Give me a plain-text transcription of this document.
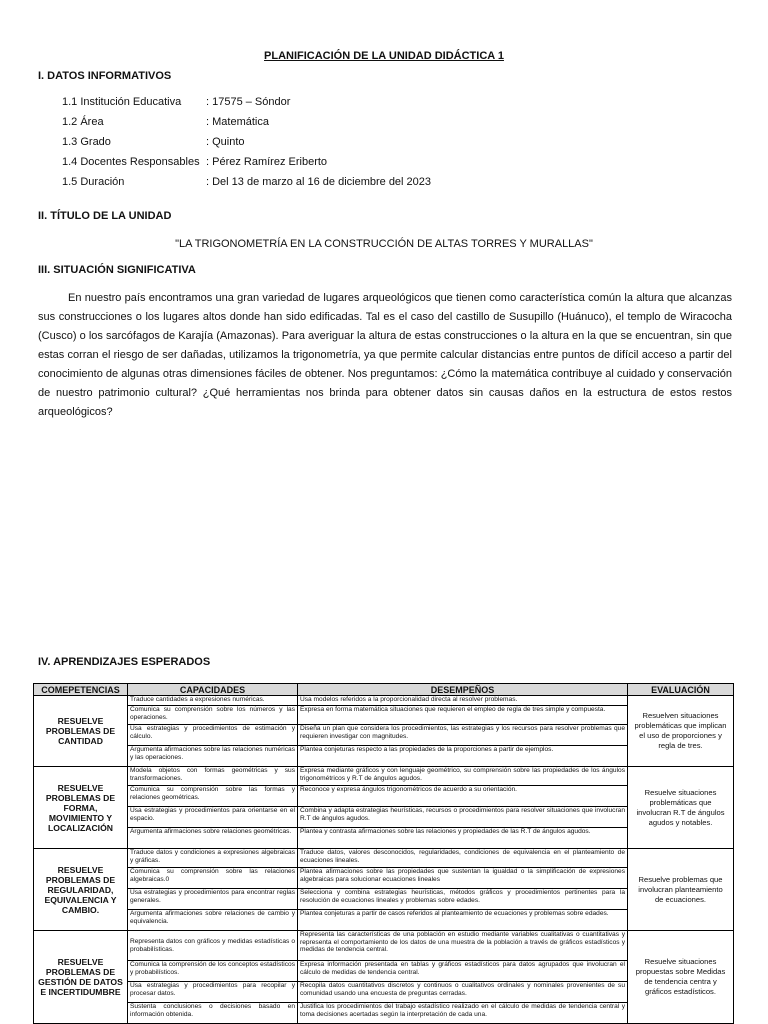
PLANIFICACIÓN DE LA UNIDAD DIDÁCTICA 1
I. DATOS INFORMATIVOS
1.1 Institución Educativa : 17575 – Sóndor
1.2 Área	: Matemática
1.3 Grado	: Quinto
1.4 Docentes Responsables : Pérez Ramírez Eriberto
1.5 Duración	: Del 13 de marzo al 16 de diciembre del 2023
II. TÍTULO DE LA UNIDAD
"LA TRIGONOMETRÍA EN LA CONSTRUCCIÓN DE ALTAS TORRES Y MURALLAS"
III. SITUACIÓN SIGNIFICATIVA

En nuestro país encontramos una gran variedad de lugares arqueológicos que tienen como característica común la altura que alcanzas sus construcciones o los lugares altos donde han sido edificadas. Tal es el caso del castillo de Susupillo (Huánuco), el templo de Wiracocha (Cusco) o los sarcófagos de Karajía (Amazonas). Para averiguar la altura de estas construcciones o la altura en la que se encuentran, sin que estas corran el riesgo de ser dañadas, utilizamos la trigonometría, ya que permite calcular distancias entre puntos de difícil acceso a partir del conocimiento de algunas otras dimensiones fáciles de obtener. Nos preguntamos: ¿Cómo la matemática contribuye al cuidado y conservación de nuestro patrimonio cultural? ¿Qué herramientas nos brinda para obtener datos sin causas daños en la estructura de estos restos arqueológicos?

IV. APRENDIZAJES ESPERADOS
COMEPETENCIAS	CAPACIDADES	DESEMPEÑOS	EVALUACIÓN
RESUELVE PROBLEMAS DE CANTIDAD	Traduce cantidades a expresiones numéricas.	Usa modelos referidos a la proporcionalidad directa al resolver problemas.	Resuelven situaciones problemáticas que implican el uso de proporciones y regla de tres.
	Comunica su comprensión sobre los números y las operaciones.	Expresa en forma matemática situaciones que requieren el empleo de regla de tres simple y compuesta.	
	Usa estrategias y procedimientos de estimación y cálculo.	Diseña un plan que considera los procedimientos, las estrategias y los recursos para resolver problemas que requieren investigar con magnitudes.	
	Argumenta afirmaciones sobre las relaciones numéricas y las operaciones.	Plantea conjeturas respecto a las propiedades de la proporciones a partir de ejemplos.	
RESUELVE PROBLEMAS DE FORMA, MOVIMIENTO Y LOCALIZACIÓN	Modela objetos con formas geométricas y sus transformaciones.	Expresa mediante gráficos y con lenguaje geométrico, su comprensión sobre las propiedades de los ángulos trigonométricos y R.T de ángulos agudos.	Resuelve situaciones problemáticas que involucran R.T de ángulos agudos y notables.
	Comunica su comprensión sobre las formas y relaciones geométricas.	Reconoce y expresa ángulos trigonométricos de acuerdo a su orientación.	
	Usa estrategias y procedimientos para orientarse en el espacio.	Combina y adapta estrategias heurísticas, recursos o procedimientos para resolver situaciones que involucran R.T de ángulos agudos.	
	Argumenta afirmaciones sobre relaciones geométricas.	Plantea y contrasta afirmaciones sobre las relaciones y propiedades de las R.T de ángulos agudos.	
RESUELVE PROBLEMAS DE REGULARIDAD, EQUIVALENCIA Y CAMBIO.	Traduce datos y condiciones a expresiones algebraicas y gráficas.	Traduce datos, valores desconocidos, regularidades, condiciones de equivalencia en el planteamiento de ecuaciones lineales.	Resuelve problemas que involucran planteamiento de ecuaciones.
	Comunica su comprensión sobre las relaciones algebraicas.0	Plantea afirmaciones sobre las propiedades que sustentan la igualdad o la simplificación de expresiones algebraicas para solucionar ecuaciones lineales	
	Usa estrategias y procedimientos para encontrar reglas generales.	Selecciona y combina estrategias heurísticas, métodos gráficos y procedimientos pertinentes para la resolución de ecuaciones lineales y problemas sobre edades.	
	Argumenta afirmaciones sobre relaciones de cambio y equivalencia.	Plantea conjeturas a partir de casos referidos al planteamiento de ecuaciones y problemas sobre edades.	
RESUELVE PROBLEMAS DE GESTIÓN DE DATOS E INCERTIDUMBRE	Representa datos con gráficos y medidas estadísticas o probabilísticas.	Representa las características de una población en estudio mediante variables cualitativas o cuantitativas y representa el comportamiento de los datos de una muestra de la población a través de gráficos estadísticos y medidas de tendencia central.	Resuelve situaciones propuestas sobre Medidas de tendencia centra y gráficos estadísticos.
	Comunica la comprensión de los conceptos estadísticos y probabilísticos.	Expresa información presentada en tablas y gráficos estadísticos para datos agrupados que involucran el cálculo de medidas de tendencia central.	
	Usa estrategias y procedimientos para recopilar y procesar datos.	Recopila datos cuantitativos discretos y continuos o cualitativos ordinales y nominales provenientes de su comunidad usando una encuesta de preguntas cerradas.	
	Sustenta conclusiones o decisiones basado en información obtenida.	Justifica los procedimientos del trabajo estadístico realizado en el cálculo de medidas de tendencia central y toma decisiones acertadas según la interpretación de cada una.	
